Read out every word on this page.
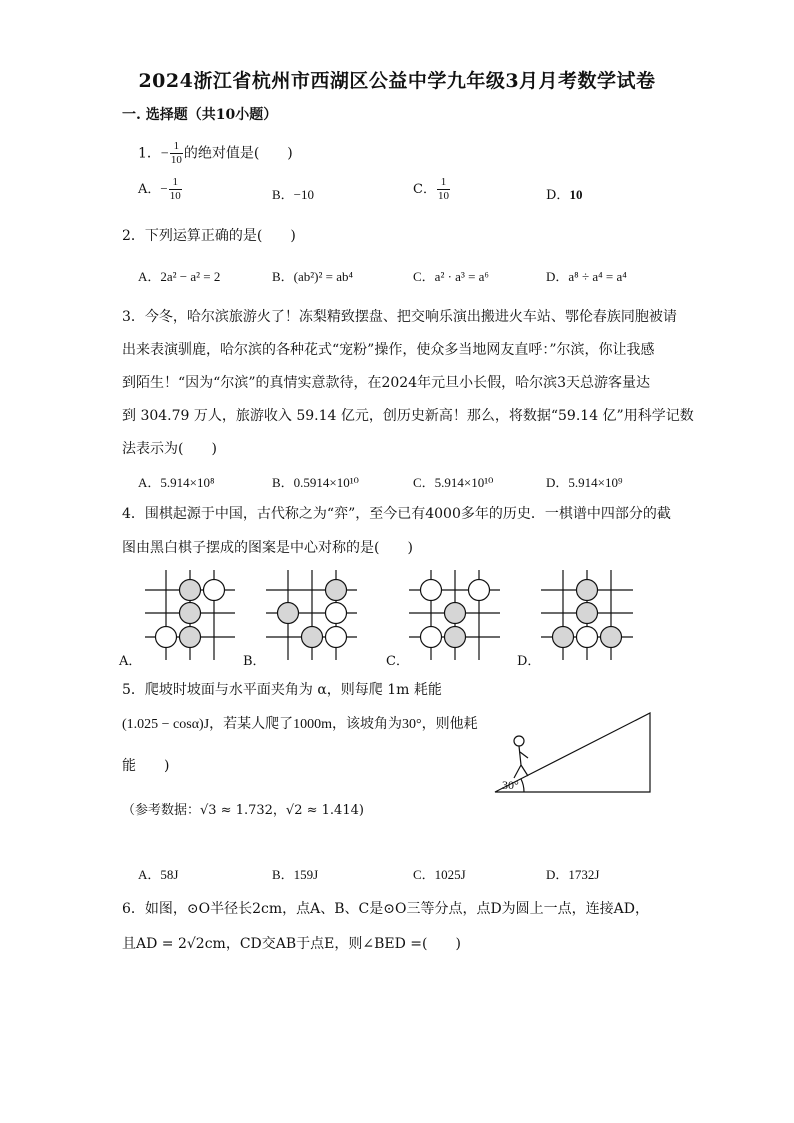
2024浙江省杭州市西湖区公益中学九年级3月月考数学试卷
一. 选择题（共10小题）
1．− $\frac{1}{10}$ 的绝对值是(　　)
A．− $\frac{1}{10}$	B．−10	C． $\frac{1}{10}$	D．10
2．下列运算正确的是(　　)
A．2a² − a² = 2	B．(ab²)² = ab⁴	C．a² · a³ = a⁶	D．a⁸ ÷ a⁴ = a⁴
3．今冬，哈尔滨旅游火了！冻梨精致摆盘、把交响乐演出搬进火车站、鄂伦春族同胞被请
出来表演驯鹿，哈尔滨的各种花式“宠粉”操作，使众多当地网友直呼：”尔滨，你让我感
到陌生！“因为“尔滨”的真情实意款待，在2024年元旦小长假，哈尔滨3天总游客量达
到 304.79 万人，旅游收入 59.14 亿元，创历史新高！那么，将数据“59.14 亿”用科学记数
法表示为(　　)
A．5.914×10⁸	B．0.5914×10¹⁰	C．5.914×10¹⁰	D．5.914×10⁹
4．围棋起源于中国，古代称之为“弈”，至今已有4000多年的历史．一棋谱中四部分的截
图由黑白棋子摆成的图案是中心对称的是(　　)
A．	B．	C．	D．
5．爬坡时坡面与水平面夹角为 α，则每爬 1m 耗能
(1.025 − cosα)J，若某人爬了1000m，该坡角为30°，则他耗
能　　)
30°
（参考数据：√3 ≈ 1.732，√2 ≈ 1.414)
A．58J	B．159J	C．1025J	D．1732J
6．如图，⊙O半径长2cm，点A、B、C是⊙O三等分点，点D为圆上一点，连接AD，
且AD = 2√2cm，CD交AB于点E，则∠BED =(　　)
